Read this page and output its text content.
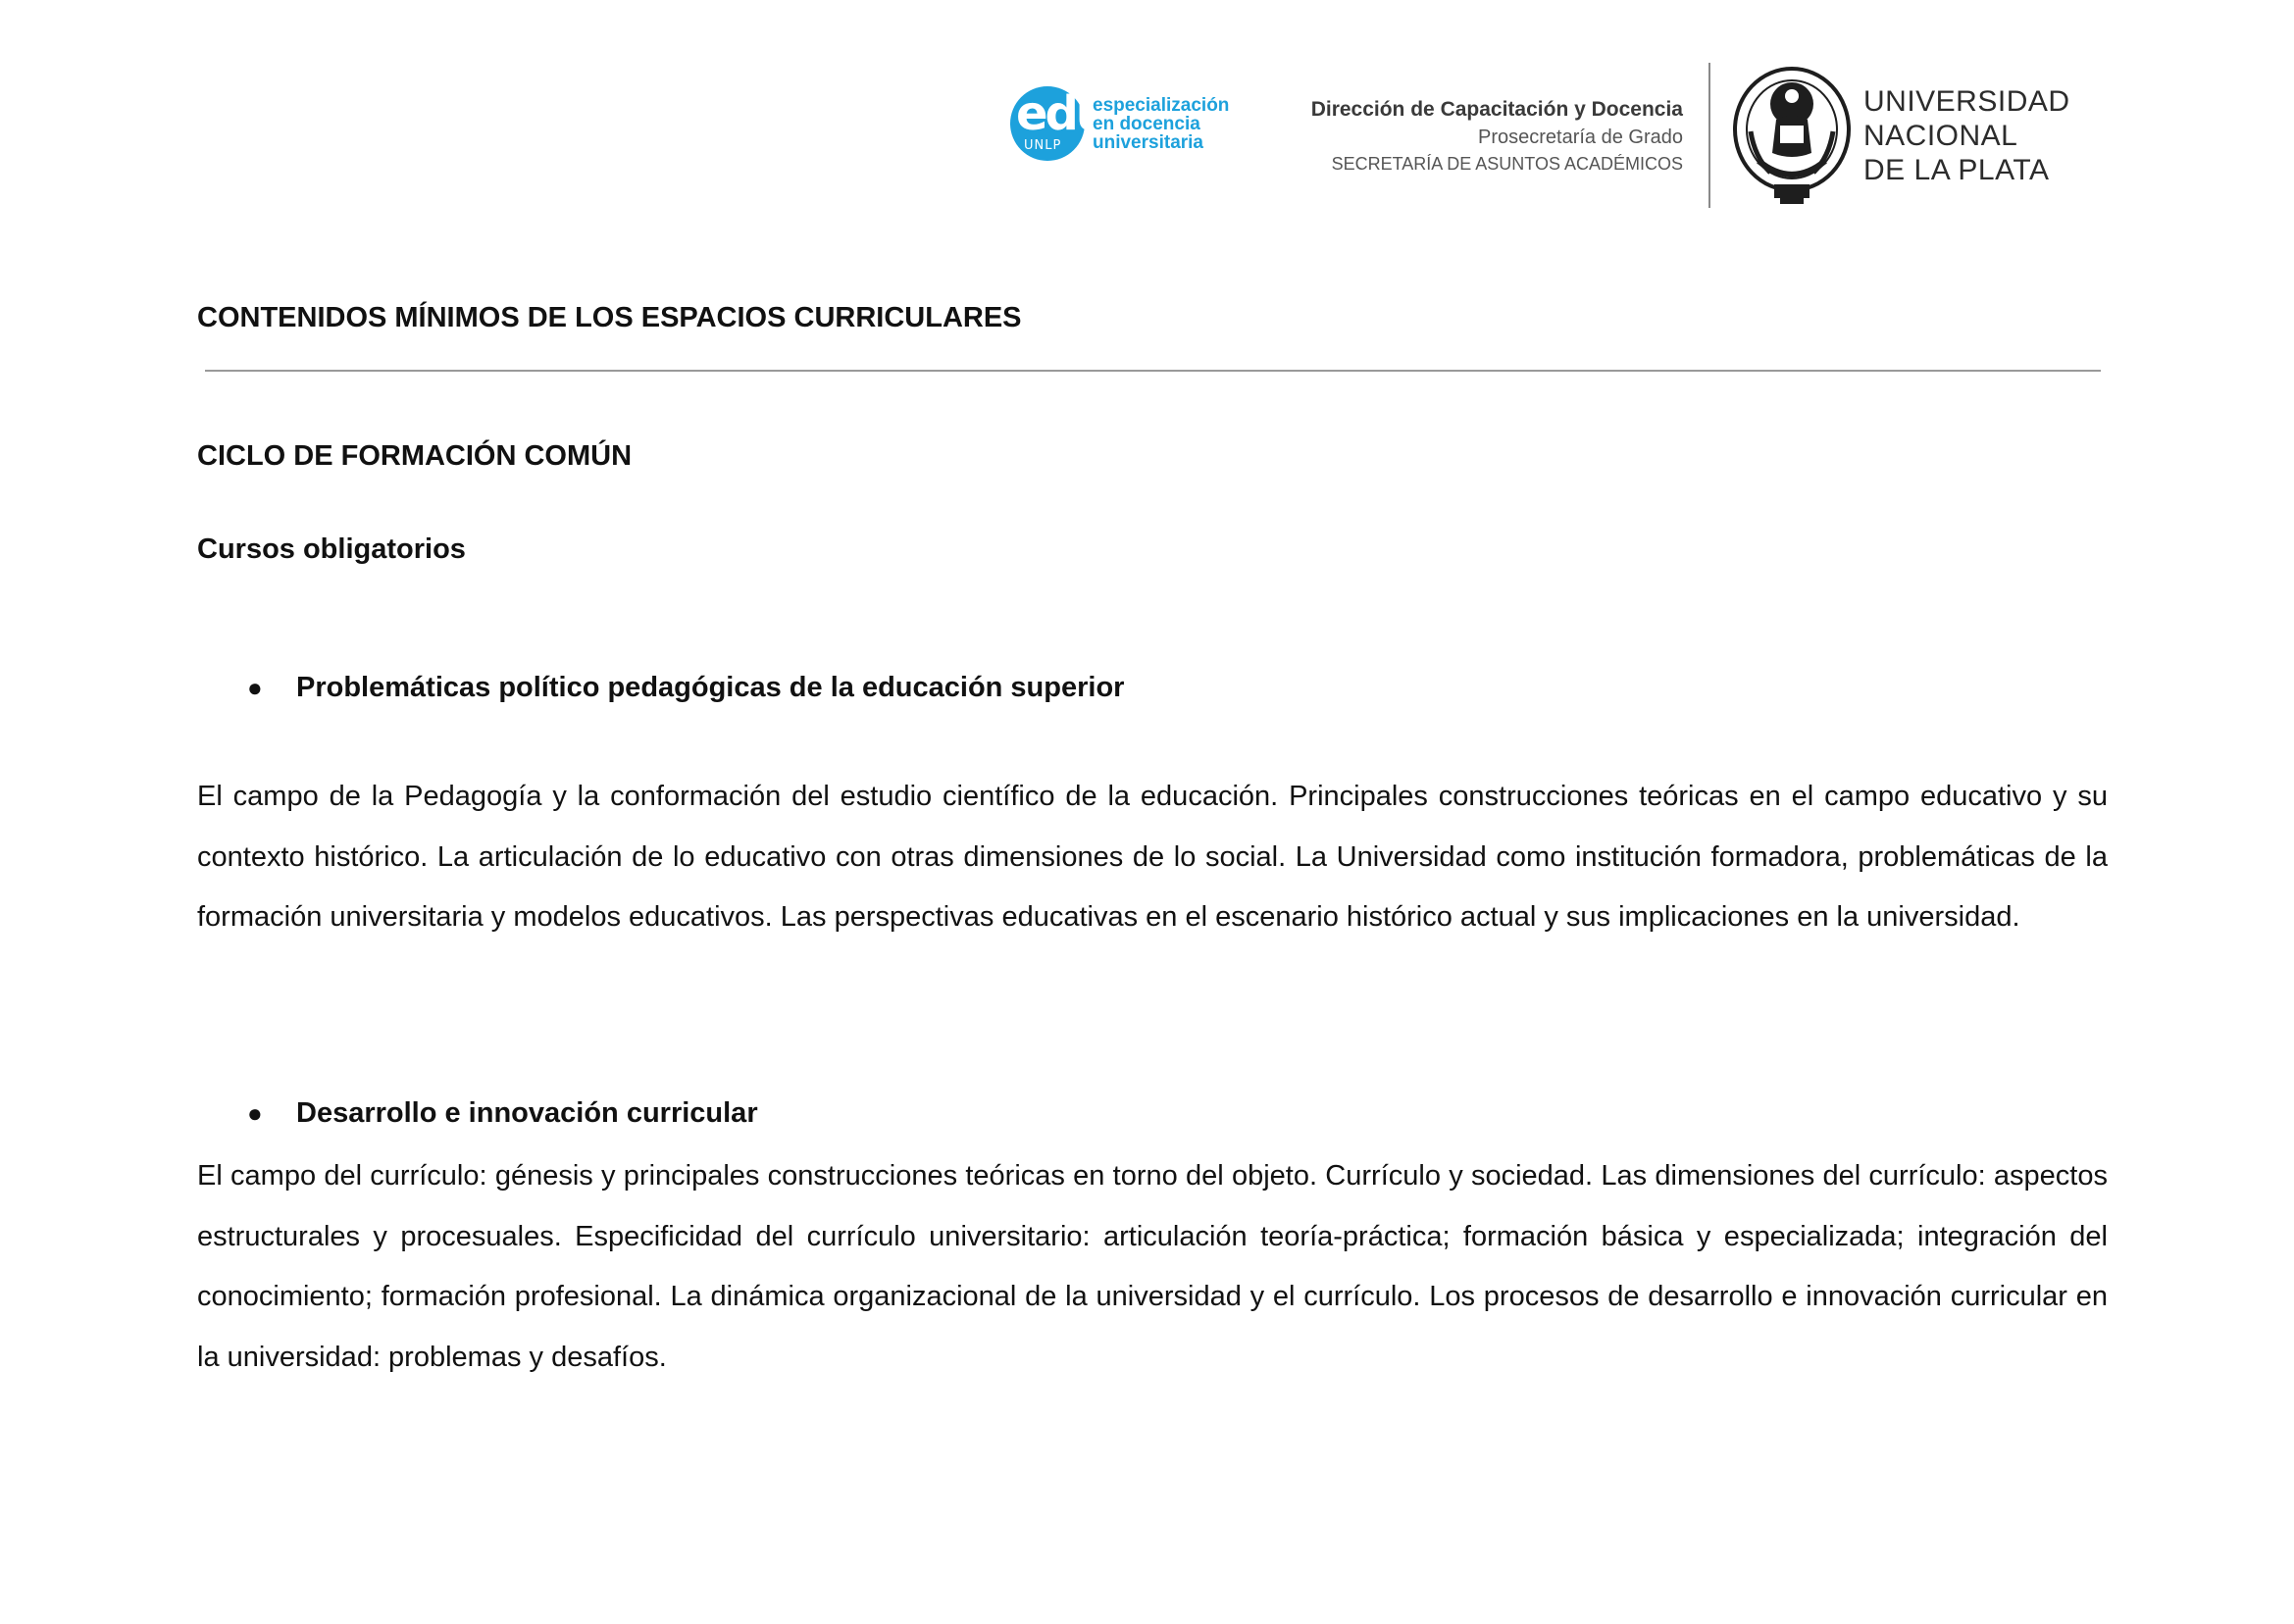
edu
UNLP
especialización
en docencia
universitaria
Dirección de Capacitación y Docencia
Prosecretaría de Grado
SECRETARÍA DE ASUNTOS ACADÉMICOS
UNIVERSIDAD
NACIONAL
DE LA PLATA
CONTENIDOS MÍNIMOS DE LOS ESPACIOS CURRICULARES
CICLO DE FORMACIÓN COMÚN
Cursos obligatorios
● Problemáticas político pedagógicas de la educación superior
El campo de la Pedagogía y la conformación del estudio científico de la educación. Principales construcciones teóricas en el campo educativo y su contexto histórico. La articulación de lo educativo con otras dimensiones de lo social. La Universidad como institución formadora, problemáticas de la formación universitaria y modelos educativos. Las perspectivas educativas en el escenario histórico actual y sus implicaciones en la universidad.
● Desarrollo e innovación curricular
El campo del currículo: génesis y principales construcciones teóricas en torno del objeto. Currículo y sociedad. Las dimensiones del currículo: aspectos estructurales y procesuales. Especificidad del currículo universitario: articulación teoría-práctica; formación básica y especializada; integración del conocimiento; formación profesional. La dinámica organizacional de la universidad y el currículo. Los procesos de desarrollo e innovación curricular en la universidad: problemas y desafíos.
